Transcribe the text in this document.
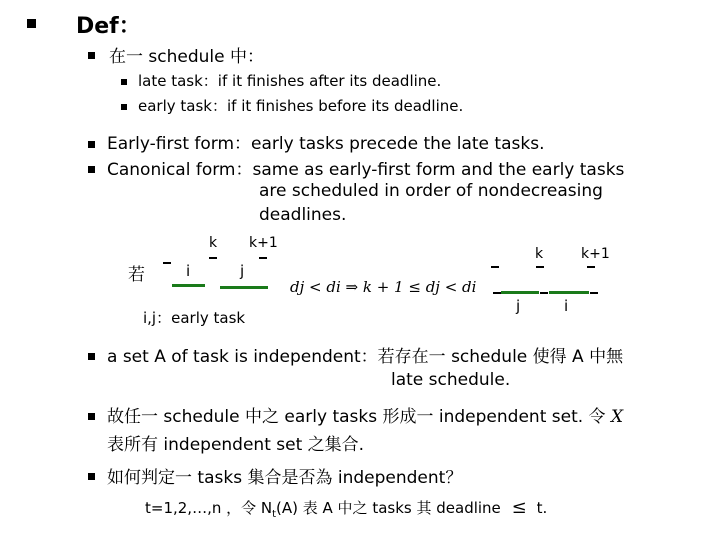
Def：
在一 schedule 中：
late task：if it finishes after its deadline.
early task：if it finishes before its deadline.
Early-first form：early tasks precede the late tasks.
Canonical form：same as early-first form and the early tasks
are scheduled in order of nondecreasing
deadlines.
若	i
k k+1
j
dj < di ⇒ k + 1 ≤ dj < di
k	k+1
j	i
i,j：early task
a set A of task is independent：若存在一 schedule 使得 A 中無
late schedule.
故任一 schedule 中之 early tasks 形成一 independent set. 令 X
表所有 independent set 之集合.
如何判定一 tasks 集合是否為 independent？
t=1,2,…,n ，令 $N_t(A)$ 表 A 中之 tasks 其 deadline ≤ t.
